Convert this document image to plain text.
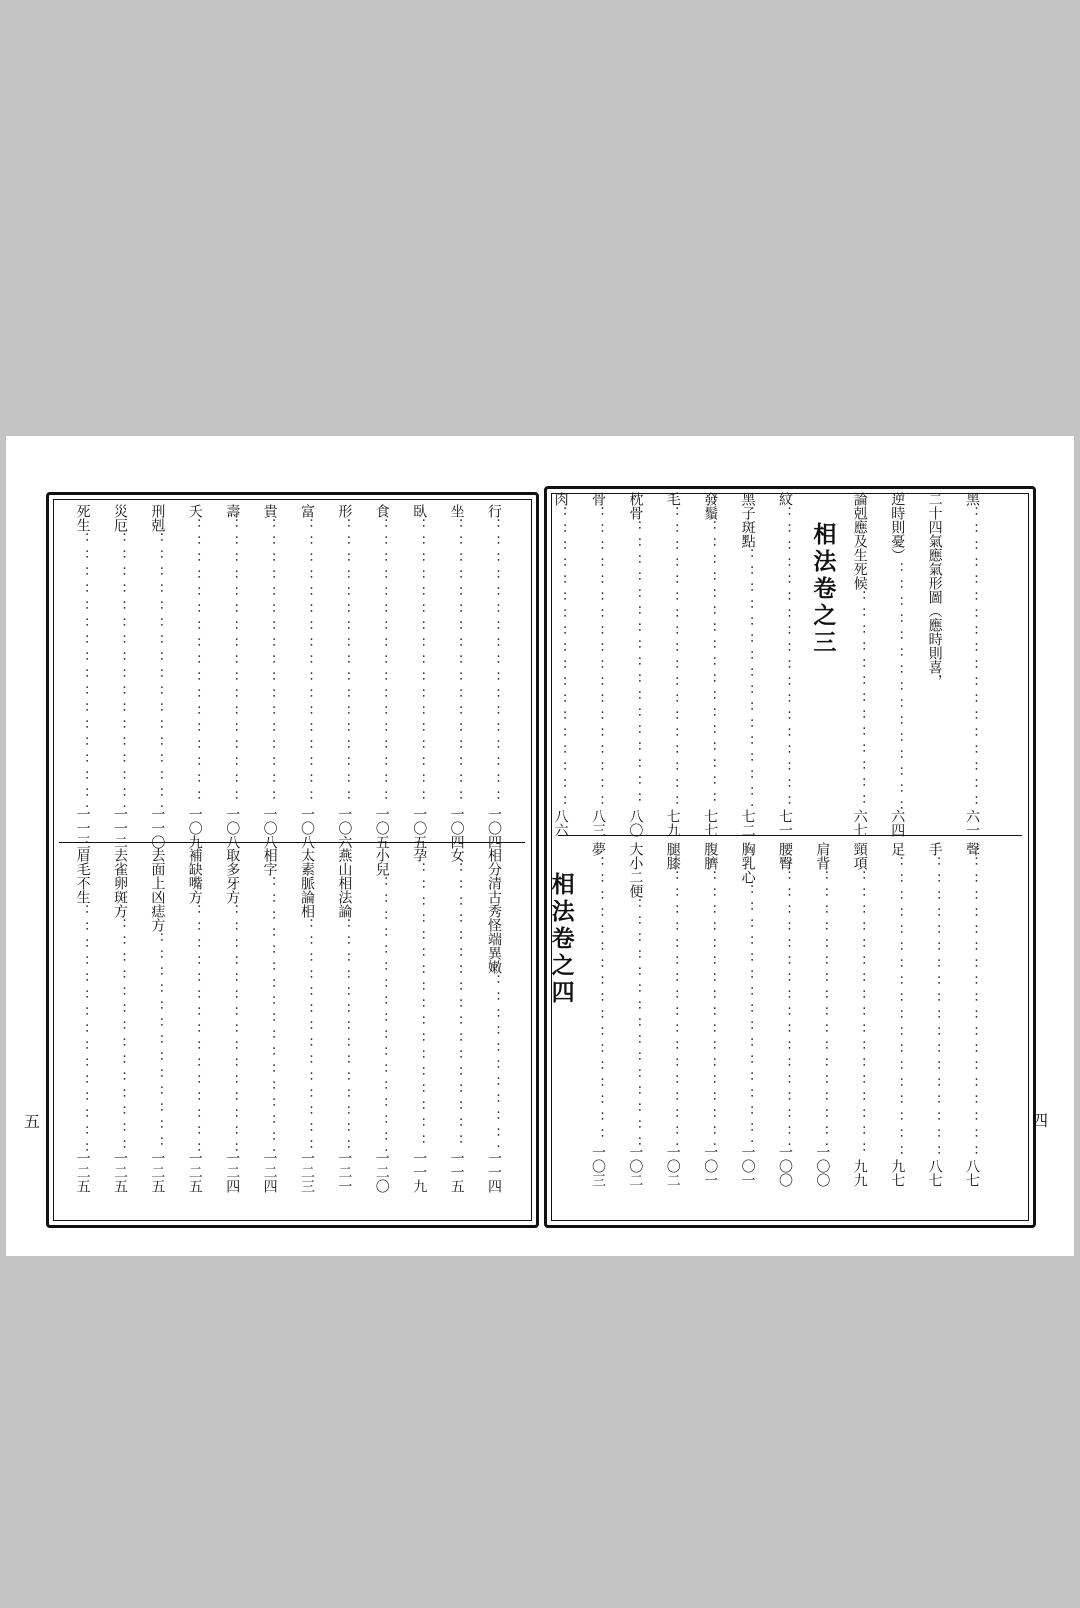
五	四
行
：：：：：：：：：：：：：：：：：：：：：：：：：：：：：：：：：：：：：：：：：：：
一〇四
坐
：：：：：：：：：：：：：：：：：：：：：：：：：：：：：：：：：：：：：：：：：：：
一〇四
臥
：：：：：：：：：：：：：：：：：：：：：：：：：：：：：：：：：：：：：：：：：：：
一〇五
食
：：：：：：：：：：：：：：：：：：：：：：：：：：：：：：：：：：：：：：：：：：：
一〇五
形
：：：：：：：：：：：：：：：：：：：：：：：：：：：：：：：：：：：：：：：：：：：
一〇六
富
：：：：：：：：：：：：：：：：：：：：：：：：：：：：：：：：：：：：：：：：：：：
一〇八
貴
：：：：：：：：：：：：：：：：：：：：：：：：：：：：：：：：：：：：：：：：：：：
一〇八
壽
：：：：：：：：：：：：：：：：：：：：：：：：：：：：：：：：：：：：：：：：：：：
一〇八
夭
：：：：：：：：：：：：：：：：：：：：：：：：：：：：：：：：：：：：：：：：：：：
一〇九
刑剋
：：：：：：：：：：：：：：：：：：：：：：：：：：：：：：：：：：：：：：：：：：：
一一〇
災厄
：：：：：：：：：：：：：：：：：：：：：：：：：：：：：：：：：：：：：：：：：：：
一一二
死生
：：：：：：：：：：：：：：：：：：：：：：：：：：：：：：：：：：：：：：：：：：：
一一三
相分清古秀怪端異嫩
：：：：：：：：：：：：：：：：：：：：：：：：：：：：：：：：：：：：：：：：：：：
一一四
女
：：：：：：：：：：：：：：：：：：：：：：：：：：：：：：：：：：：：：：：：：：：
一一五
孕
：：：：：：：：：：：：：：：：：：：：：：：：：：：：：：：：：：：：：：：：：：：
一一九
小兒
：：：：：：：：：：：：：：：：：：：：：：：：：：：：：：：：：：：：：：：：：：：
一二〇
燕山相法論
：：：：：：：：：：：：：：：：：：：：：：：：：：：：：：：：：：：：：：：：：：：
一二一
太素脈論相
：：：：：：：：：：：：：：：：：：：：：：：：：：：：：：：：：：：：：：：：：：：
一二三
相字
：：：：：：：：：：：：：：：：：：：：：：：：：：：：：：：：：：：：：：：：：：：
一二四
取多牙方
：：：：：：：：：：：：：：：：：：：：：：：：：：：：：：：：：：：：：：：：：：：
一二四
補缺嘴方
：：：：：：：：：：：：：：：：：：：：：：：：：：：：：：：：：：：：：：：：：：：
一二五
去面上凶痣方
：：：：：：：：：：：：：：：：：：：：：：：：：：：：：：：：：：：：：：：：：：：
一二五
去雀卵斑方
：：：：：：：：：：：：：：：：：：：：：：：：：：：：：：：：：：：：：：：：：：：
一二五
眉毛不生
：：：：：：：：：：：：：：：：：：：：：：：：：：：：：：：：：：：：：：：：：：：
一二五
黑
：：：：：：：：：：：：：：：：：：：：：：：：：：：：：：：：：：：：：：：：：：：
六一
二十四氣應氣形圖（應時則喜，
逆時則憂）
：：：：：：：：：：：：：：：：：：：：：：：：：：：：：：：：：：：：：：：：：：：
六四
論剋應及生死候
：：：：：：：：：：：：：：：：：：：：：：：：：：：：：：：：：：：：：：：：：：：
六七
相法卷之三
紋
：：：：：：：：：：：：：：：：：：：：：：：：：：：：：：：：：：：：：：：：：：：
七一
黑子斑點
：：：：：：：：：：：：：：：：：：：：：：：：：：：：：：：：：：：：：：：：：：：
七二
發鬚
：：：：：：：：：：：：：：：：：：：：：：：：：：：：：：：：：：：：：：：：：：：
七七
毛
：：：：：：：：：：：：：：：：：：：：：：：：：：：：：：：：：：：：：：：：：：：
七九
枕骨
：：：：：：：：：：：：：：：：：：：：：：：：：：：：：：：：：：：：：：：：：：：
八〇
骨
：：：：：：：：：：：：：：：：：：：：：：：：：：：：：：：：：：：：：：：：：：：
八三
肉
：：：：：：：：：：：：：：：：：：：：：：：：：：：：：：：：：：：：：：：：：：：
八六
聲
：：：：：：：：：：：：：：：：：：：：：：：：：：：：：：：：：：：：：：：：：：：
八七
手
：：：：：：：：：：：：：：：：：：：：：：：：：：：：：：：：：：：：：：：：：：：
八七
足
：：：：：：：：：：：：：：：：：：：：：：：：：：：：：：：：：：：：：：：：：：：
九七
頸項
：：：：：：：：：：：：：：：：：：：：：：：：：：：：：：：：：：：：：：：：：：：
九九
肩背
：：：：：：：：：：：：：：：：：：：：：：：：：：：：：：：：：：：：：：：：：：：
一〇〇
腰臀
：：：：：：：：：：：：：：：：：：：：：：：：：：：：：：：：：：：：：：：：：：：
一〇〇
胸乳心
：：：：：：：：：：：：：：：：：：：：：：：：：：：：：：：：：：：：：：：：：：：
一〇一
腹臍
：：：：：：：：：：：：：：：：：：：：：：：：：：：：：：：：：：：：：：：：：：：
一〇一
腿膝
：：：：：：：：：：：：：：：：：：：：：：：：：：：：：：：：：：：：：：：：：：：
一〇二
大小二便
：：：：：：：：：：：：：：：：：：：：：：：：：：：：：：：：：：：：：：：：：：：
一〇二
夢
：：：：：：：：：：：：：：：：：：：：：：：：：：：：：：：：：：：：：：：：：：：
一〇三
相法卷之四
